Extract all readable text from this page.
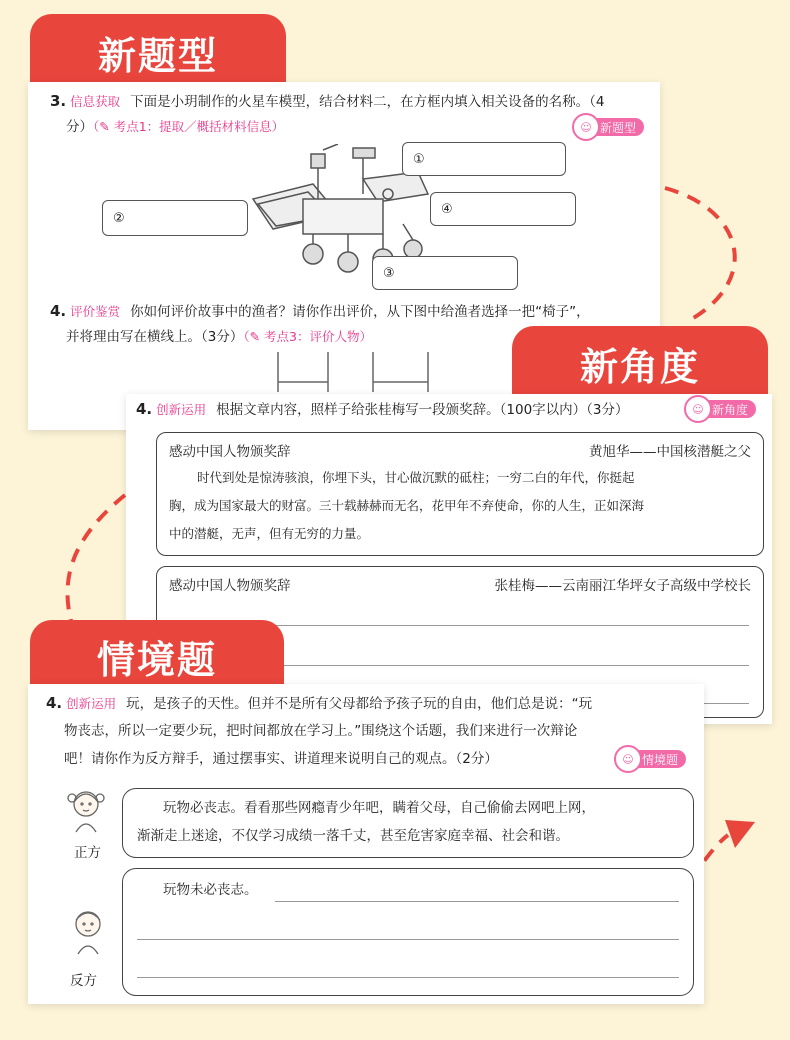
新题型
3. 信息获取 下面是小玥制作的火星车模型，结合材料二，在方框内填入相关设备的名称。（4
分）（✎ 考点1：提取／概括材料信息）	☺ 新题型
①
②
④
③
4. 评价鉴赏 你如何评价故事中的渔者？请你作出评价，从下图中给渔者选择一把“椅子”，
并将理由写在横线上。（3分）（✎ 考点3：评价人物）
新角度
4. 创新运用 根据文章内容，照样子给张桂梅写一段颁奖辞。（100字以内）（3分）	☺ 新角度
感动中国人物颁奖辞	黄旭华——中国核潜艇之父
时代到处是惊涛骇浪，你埋下头，甘心做沉默的砥柱；一穷二白的年代，你挺起
胸，成为国家最大的财富。三十载赫赫而无名，花甲年不弃使命，你的人生，正如深海
中的潜艇，无声，但有无穷的力量。
感动中国人物颁奖辞	张桂梅——云南丽江华坪女子高级中学校长
情境题
4. 创新运用 玩，是孩子的天性。但并不是所有父母都给予孩子玩的自由，他们总是说：“玩
物丧志，所以一定要少玩，把时间都放在学习上。”围绕这个话题，我们来进行一次辩论
吧！请你作为反方辩手，通过摆事实、讲道理来说明自己的观点。（2分）	☺ 情境题
正方
玩物必丧志。看看那些网瘾青少年吧，瞒着父母，自己偷偷去网吧上网，
渐渐走上迷途，不仅学习成绩一落千丈，甚至危害家庭幸福、社会和谐。
反方
玩物未必丧志。
